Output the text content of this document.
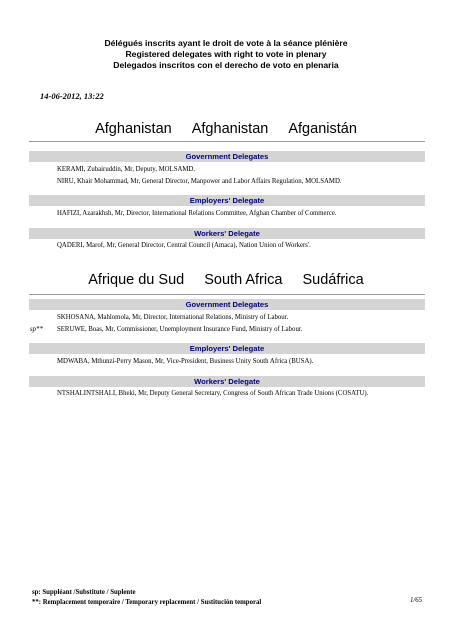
Délégués inscrits ayant le droit de vote à la séance plénière
Registered delegates with right to vote in plenary
Delegados inscritos con el derecho de voto en plenaria
14-06-2012, 13:22
Afghanistan Afghanistan Afganistán
Government Delegates
KERAMI, Zubairuddin, Mr, Deputy, MOLSAMD.
NIRU, Khair Mohammad, Mr, General Director, Manpower and Labor Affairs Regulation, MOLSAMD.
Employers' Delegate
HAFIZI, Azarakhsh, Mr, Director, International Relations Committee, Afghan Chamber of Commerce.
Workers' Delegate
QADERI, Marof, Mr, General Director, Central Council (Amaca), Nation Union of Workers'.
Afrique du Sud South Africa Sudáfrica
Government Delegates
SKHOSANA, Mahlomola, Mr, Director, International Relations, Ministry of Labour.
sp** SERUWE, Boas, Mr, Commissioner, Unemployment Insurance Fund, Ministry of Labour.
Employers' Delegate
MDWABA, Mthunzi-Perry Mason, Mr, Vice-President, Business Unity South Africa (BUSA).
Workers' Delegate
NTSHALINTSHALI, Bheki, Mr, Deputy General Secretary, Congress of South African Trade Unions (COSATU).
sp: Suppléant /Substitute / Suplente
**: Remplacement temporaire / Temporary replacement / Sustitución temporal	1/65
